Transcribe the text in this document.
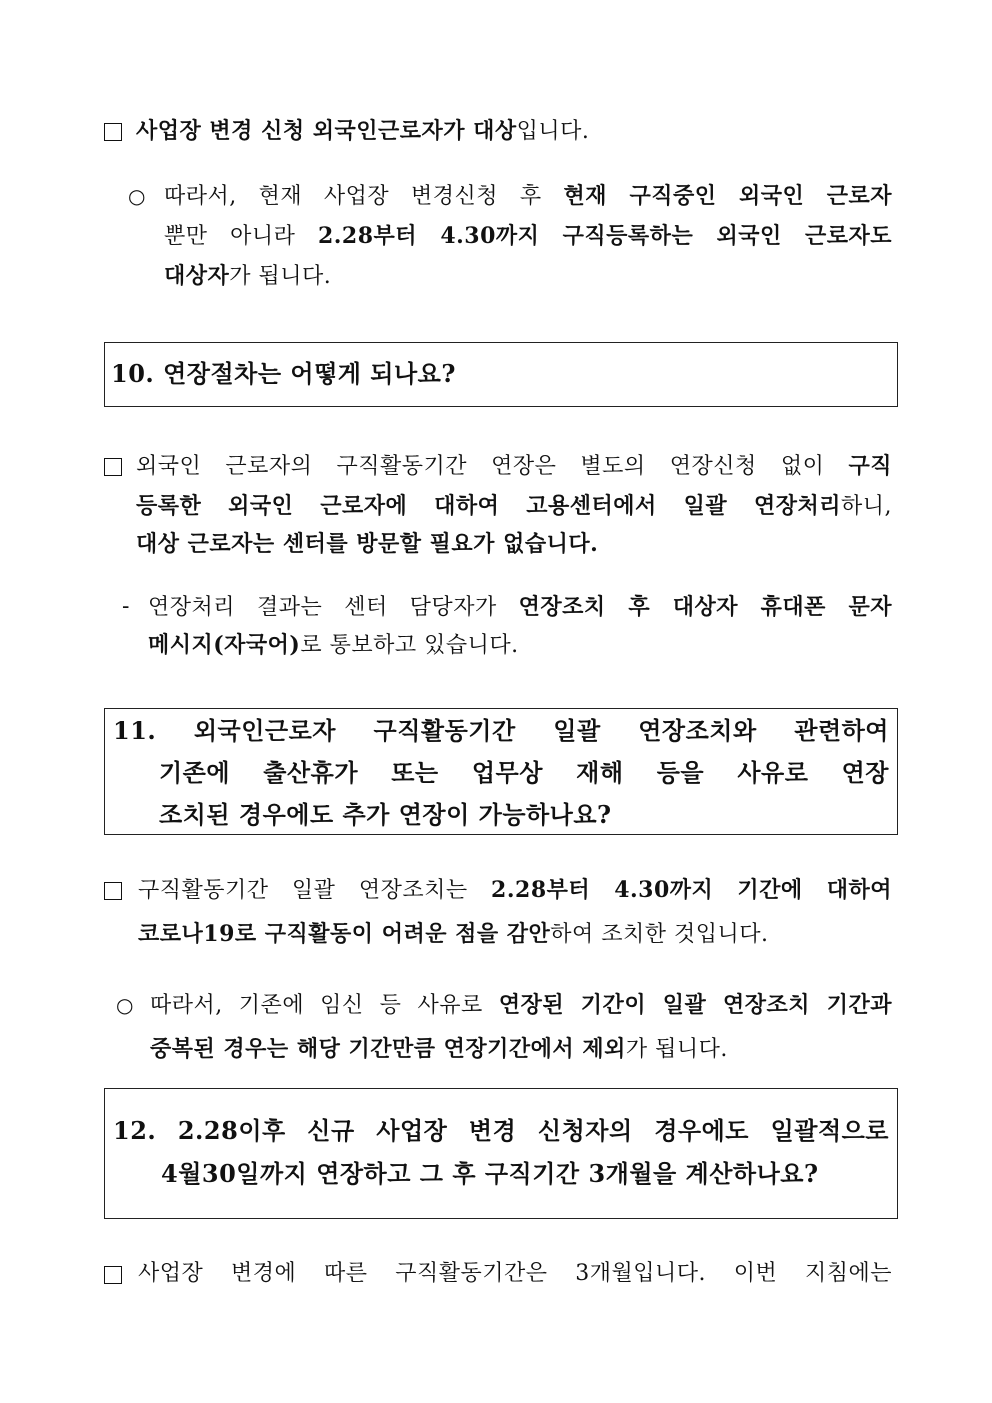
사업장 변경 신청 외국인근로자가 대상입니다.
○ 따라서, 현재 사업장 변경신청 후 현재 구직중인 외국인 근로자
뿐만 아니라 2.28부터 4.30까지 구직등록하는 외국인 근로자도
대상자가 됩니다.
10. 연장절차는 어떻게 되나요?
외국인 근로자의 구직활동기간 연장은 별도의 연장신청 없이 구직
등록한 외국인 근로자에 대하여 고용센터에서 일괄 연장처리하니,
대상 근로자는 센터를 방문할 필요가 없습니다.
- 연장처리 결과는 센터 담당자가 연장조치 후 대상자 휴대폰 문자
메시지(자국어)로 통보하고 있습니다.
11. 외국인근로자 구직활동기간 일괄 연장조치와 관련하여
기존에 출산휴가 또는 업무상 재해 등을 사유로 연장
조치된 경우에도 추가 연장이 가능하나요?
구직활동기간 일괄 연장조치는 2.28부터 4.30까지 기간에 대하여
코로나19로 구직활동이 어려운 점을 감안하여 조치한 것입니다.
○ 따라서, 기존에 임신 등 사유로 연장된 기간이 일괄 연장조치 기간과
중복된 경우는 해당 기간만큼 연장기간에서 제외가 됩니다.
12. 2.28이후 신규 사업장 변경 신청자의 경우에도 일괄적으로
4월30일까지 연장하고 그 후 구직기간 3개월을 계산하나요?
사업장 변경에 따른 구직활동기간은 3개월입니다. 이번 지침에는
